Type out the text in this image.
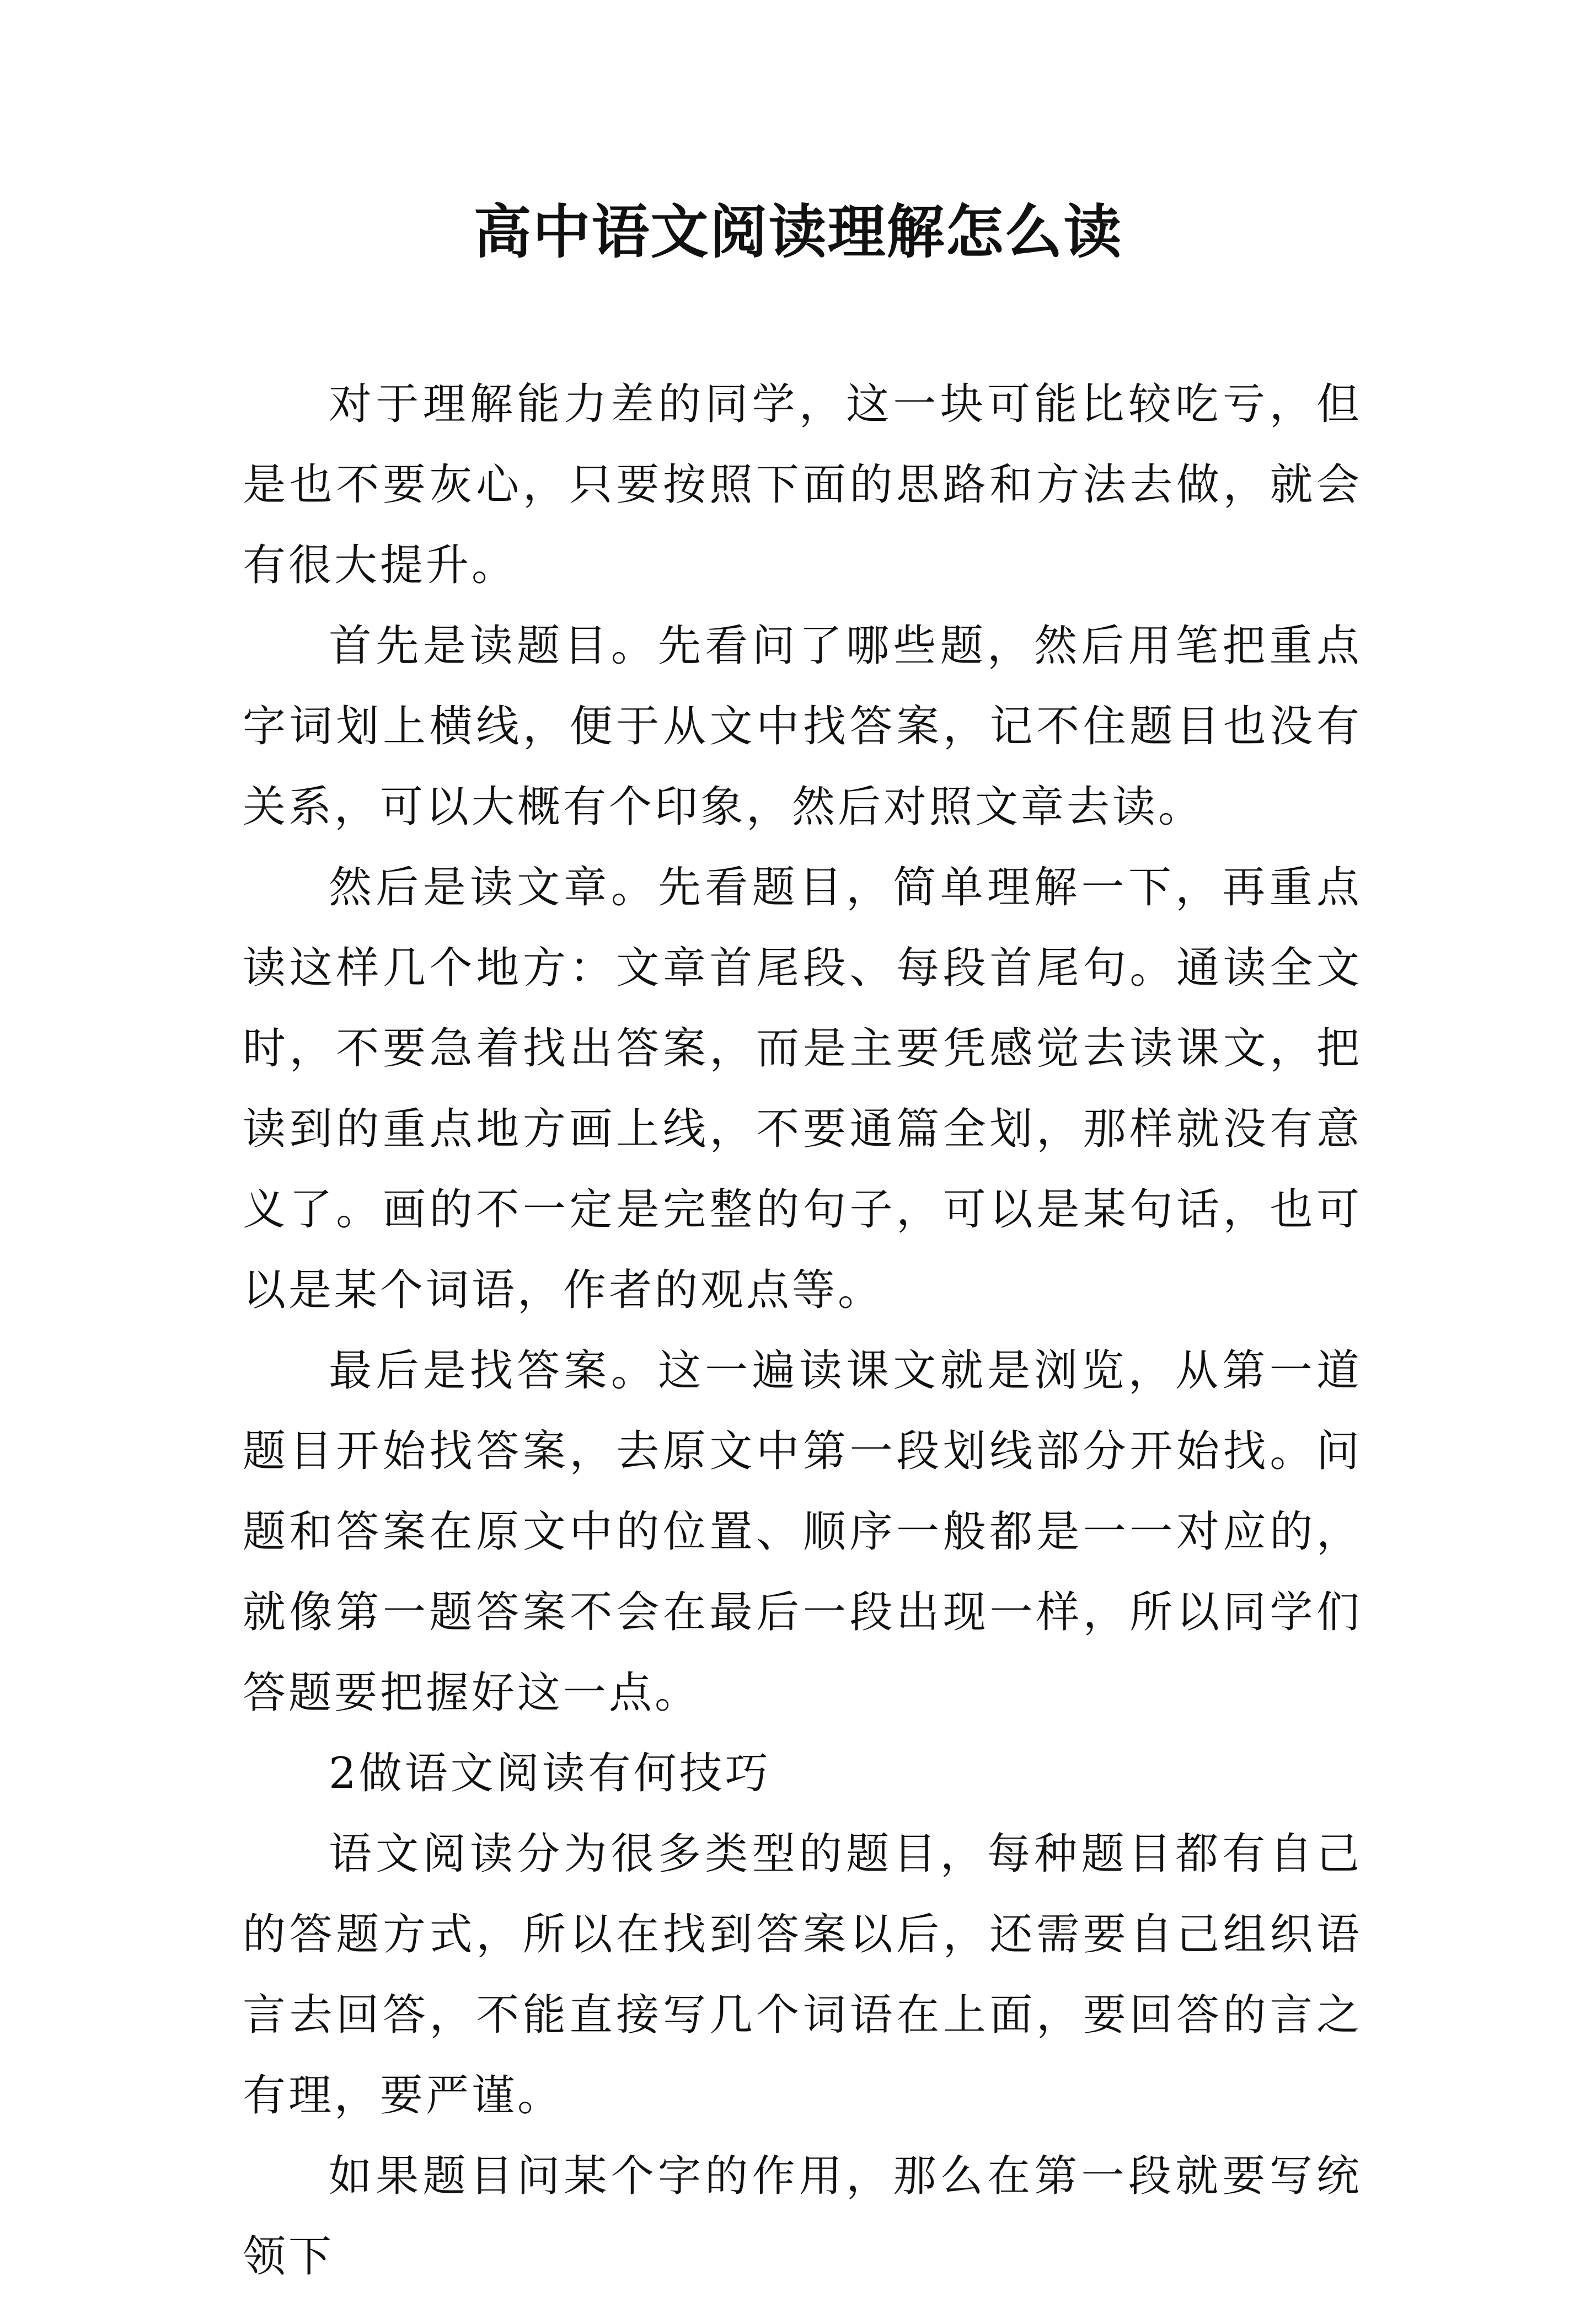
高中语文阅读理解怎么读

对于理解能力差的同学，这一块可能比较吃亏，但是也不要灰心，只要按照下面的思路和方法去做，就会有很大提升。

首先是读题目。先看问了哪些题，然后用笔把重点字词划上横线，便于从文中找答案，记不住题目也没有关系，可以大概有个印象，然后对照文章去读。

然后是读文章。先看题目，简单理解一下，再重点读这样几个地方：文章首尾段、每段首尾句。通读全文时，不要急着找出答案，而是主要凭感觉去读课文，把读到的重点地方画上线，不要通篇全划，那样就没有意义了。画的不一定是完整的句子，可以是某句话，也可以是某个词语，作者的观点等。

最后是找答案。这一遍读课文就是浏览，从第一道题目开始找答案，去原文中第一段划线部分开始找。问题和答案在原文中的位置、顺序一般都是一一对应的，就像第一题答案不会在最后一段出现一样，所以同学们答题要把握好这一点。

2做语文阅读有何技巧

语文阅读分为很多类型的题目，每种题目都有自己的答题方式，所以在找到答案以后，还需要自己组织语言去回答，不能直接写几个词语在上面，要回答的言之有理，要严谨。

如果题目问某个字的作用，那么在第一段就要写统领下
